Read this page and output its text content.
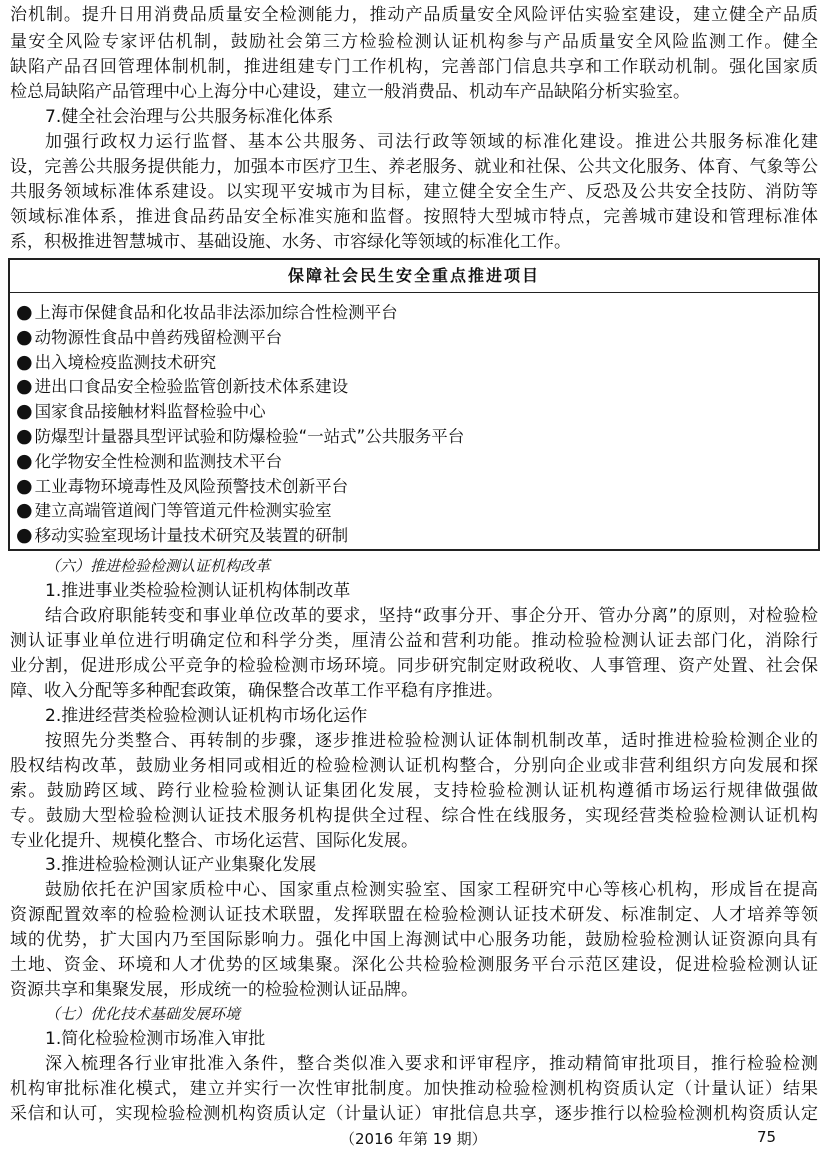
治机制。提升日用消费品质量安全检测能力，推动产品质量安全风险评估实验室建设，建立健全产品质
量安全风险专家评估机制，鼓励社会第三方检验检测认证机构参与产品质量安全风险监测工作。健全
缺陷产品召回管理体制机制，推进组建专门工作机构，完善部门信息共享和工作联动机制。强化国家质
检总局缺陷产品管理中心上海分中心建设，建立一般消费品、机动车产品缺陷分析实验室。
7.健全社会治理与公共服务标准化体系
加强行政权力运行监督、基本公共服务、司法行政等领域的标准化建设。推进公共服务标准化建
设，完善公共服务提供能力，加强本市医疗卫生、养老服务、就业和社保、公共文化服务、体育、气象等公
共服务领域标准体系建设。以实现平安城市为目标，建立健全安全生产、反恐及公共安全技防、消防等
领域标准体系，推进食品药品安全标准实施和监督。按照特大型城市特点，完善城市建设和管理标准体
系，积极推进智慧城市、基础设施、水务、市容绿化等领域的标准化工作。
（六）推进检验检测认证机构改革
1.推进事业类检验检测认证机构体制改革
结合政府职能转变和事业单位改革的要求，坚持“政事分开、事企分开、管办分离”的原则，对检验检
测认证事业单位进行明确定位和科学分类，厘清公益和营利功能。推动检验检测认证去部门化，消除行
业分割，促进形成公平竞争的检验检测市场环境。同步研究制定财政税收、人事管理、资产处置、社会保
障、收入分配等多种配套政策，确保整合改革工作平稳有序推进。
2.推进经营类检验检测认证机构市场化运作
按照先分类整合、再转制的步骤，逐步推进检验检测认证体制机制改革，适时推进检验检测企业的
股权结构改革，鼓励业务相同或相近的检验检测认证机构整合，分别向企业或非营利组织方向发展和探
索。鼓励跨区域、跨行业检验检测认证集团化发展，支持检验检测认证机构遵循市场运行规律做强做
专。鼓励大型检验检测认证技术服务机构提供全过程、综合性在线服务，实现经营类检验检测认证机构
专业化提升、规模化整合、市场化运营、国际化发展。
3.推进检验检测认证产业集聚化发展
鼓励依托在沪国家质检中心、国家重点检测实验室、国家工程研究中心等核心机构，形成旨在提高
资源配置效率的检验检测认证技术联盟，发挥联盟在检验检测认证技术研发、标准制定、人才培养等领
域的优势，扩大国内乃至国际影响力。强化中国上海测试中心服务功能，鼓励检验检测认证资源向具有
土地、资金、环境和人才优势的区域集聚。深化公共检验检测服务平台示范区建设，促进检验检测认证
资源共享和集聚发展，形成统一的检验检测认证品牌。
（七）优化技术基础发展环境
1.简化检验检测市场准入审批
深入梳理各行业审批准入条件，整合类似准入要求和评审程序，推动精简审批项目，推行检验检测
机构审批标准化模式，建立并实行一次性审批制度。加快推动检验检测机构资质认定（计量认证）结果
采信和认可，实现检验检测机构资质认定（计量认证）审批信息共享，逐步推行以检验检测机构资质认定
保障社会民生安全重点推进项目
● 上海市保健食品和化妆品非法添加综合性检测平台
● 动物源性食品中兽药残留检测平台
● 出入境检疫监测技术研究
● 进出口食品安全检验监管创新技术体系建设
● 国家食品接触材料监督检验中心
● 防爆型计量器具型评试验和防爆检验“一站式”公共服务平台
● 化学物安全性检测和监测技术平台
● 工业毒物环境毒性及风险预警技术创新平台
● 建立高端管道阀门等管道元件检测实验室
● 移动实验室现场计量技术研究及装置的研制
（2016 年第 19 期）	75
